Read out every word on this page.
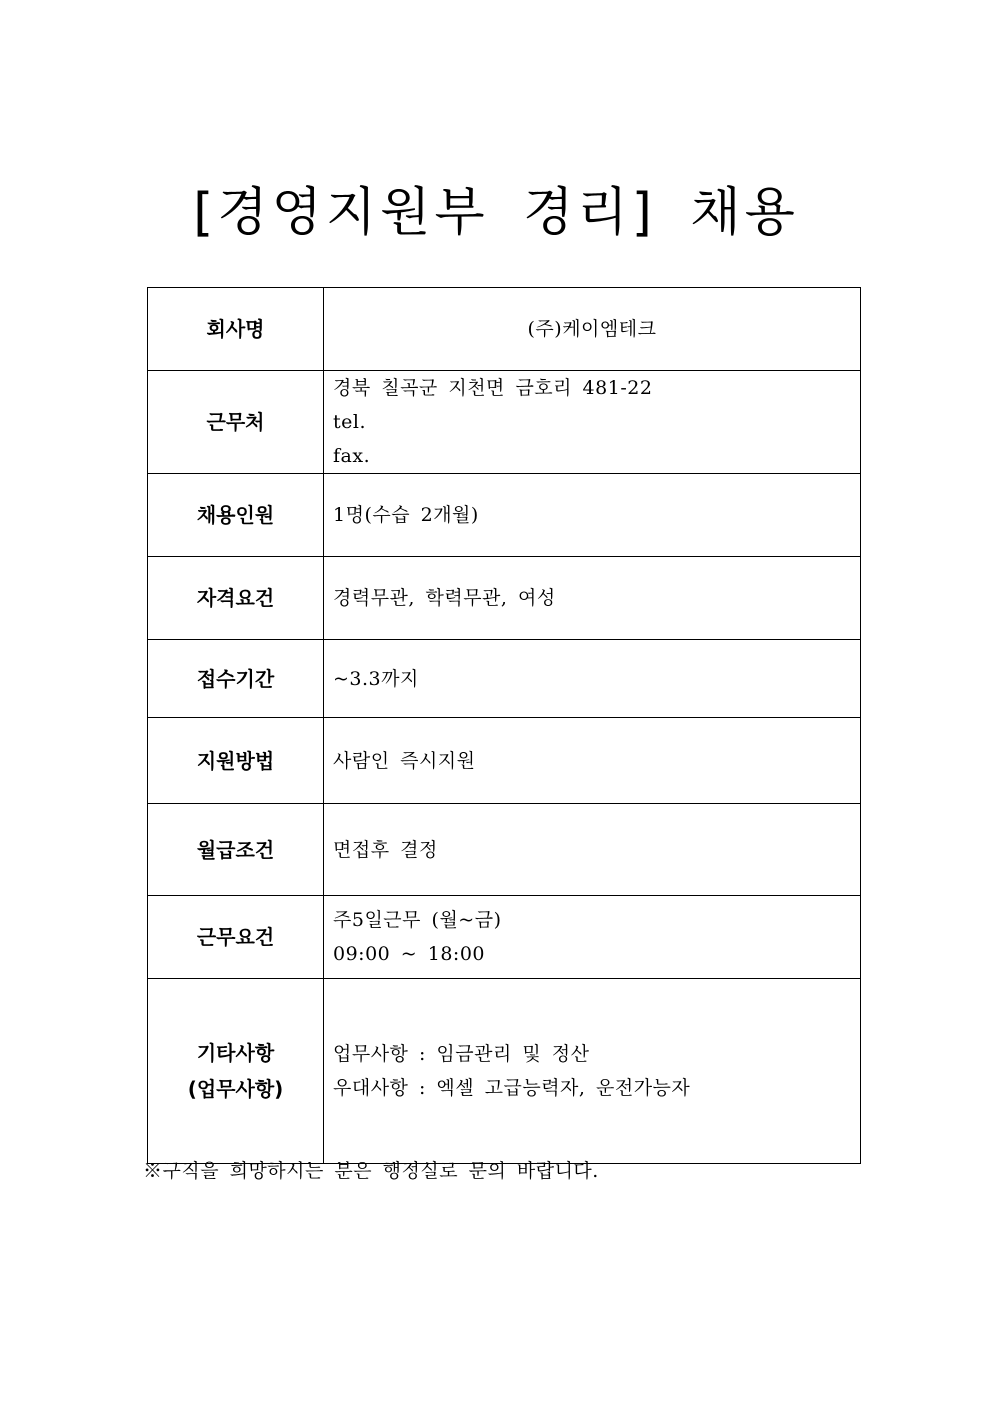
[경영지원부 경리] 채용
회사명	(주)케이엠테크

근무처	경북 칠곡군 지천면 금호리 481-22
tel.
fax.

채용인원	1명(수습 2개월)

자격요건	경력무관, 학력무관, 여성

접수기간	~3.3까지

지원방법	사람인 즉시지원

월급조건	면접후 결정

근무요건	주5일근무 (월~금)
09:00 ~ 18:00

기타사항
(업무사항)	업무사항 : 임금관리 및 정산
우대사항 : 엑셀 고급능력자, 운전가능자
※구직을 희망하시는 분은 행정실로 문의 바랍니다.
